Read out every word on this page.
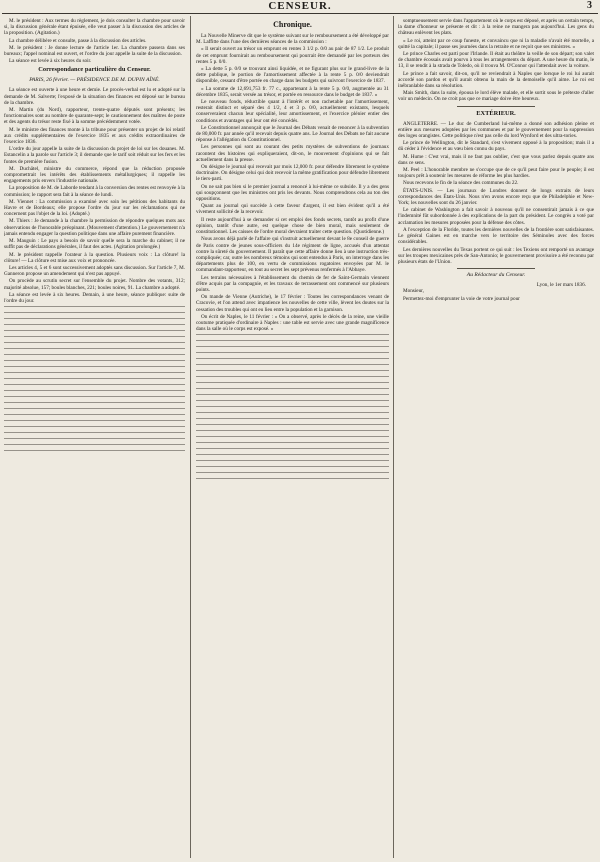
CENSEUR.	3

M. le président : Aux termes du règlement, je dois consulter la chambre pour savoir si, la discussion générale étant épuisée, elle veut passer à la discussion des articles de la proposition. (Agitation.)

La chambre délibère et consulte, passe à la discussion des articles.

M. le président : Je donne lecture de l'article 1er. La chambre passera dans ses bureaux; l'appel nominal est ouvert, et l'ordre du jour appelle la suite de la discussion.

La séance est levée à six heures du soir.

Correspondance particulière du Censeur.
PARIS, 26 février. — PRÉSIDENCE DE M. DUPIN AÎNÉ.

La séance est ouverte à une heure et demie. Le procès-verbal est lu et adopté sur la demande de M. Salverte; l'exposé de la situation des finances est déposé sur le bureau de la chambre.

M. Martin (du Nord), rapporteur, trente-quatre députés sont présents; les fonctionnaires sont au nombre de quarante-sept; le cautionnement des maîtres de poste et des agents du trésor reste fixé à la somme précédemment votée.

M. le ministre des finances monte à la tribune pour présenter un projet de loi relatif aux crédits supplémentaires de l'exercice 1835 et aux crédits extraordinaires de l'exercice 1836.

L'ordre du jour appelle la suite de la discussion du projet de loi sur les douanes. M. Estancelin a la parole sur l'article 3; il demande que le tarif soit réduit sur les fers et les fontes de première fusion.

M. Duchâtel, ministre du commerce, répond que la réduction proposée compromettrait les intérêts des établissements métallurgiques; il rappelle les engagements pris envers l'industrie nationale.

La proposition de M. de Laborde tendant à la conversion des rentes est renvoyée à la commission; le rapport sera fait à la séance de lundi.

M. Viennet : La commission a examiné avec soin les pétitions des habitants du Havre et de Bordeaux; elle propose l'ordre du jour sur les réclamations qui ne concernent pas l'objet de la loi. (Adopté.)

M. Thiers : Je demande à la chambre la permission de répondre quelques mots aux observations de l'honorable préopinant. (Mouvement d'attention.) Le gouvernement n'a jamais entendu engager la question politique dans une affaire purement financière.

M. Mauguin : Le pays a besoin de savoir quelle sera la marche du cabinet; il ne suffit pas de déclarations générales, il faut des actes. (Agitation prolongée.)

M. le président rappelle l'orateur à la question. Plusieurs voix : La clôture! la clôture! — La clôture est mise aux voix et prononcée.

Les articles 4, 5 et 6 sont successivement adoptés sans discussion. Sur l'article 7, M. Ganneron propose un amendement qui n'est pas appuyé.

On procède au scrutin secret sur l'ensemble du projet. Nombre des votants, 312; majorité absolue, 157; boules blanches, 221; boules noires, 91. La chambre a adopté.

La séance est levée à six heures. Demain, à une heure, séance publique: suite de l'ordre du jour.

Chronique.

La Nouvelle Minerve dit que le système suivant sur le remboursement a été développé par M. Laffitte dans l'une des dernières séances de la commission :

« Il serait ouvert au trésor un emprunt en rentes 3 1/2 p. 0/0 au pair de 87 1/2. Le produit de cet emprunt fournirait au remboursement qui pourrait être demandé par les porteurs des rentes 5 p. 0/0.

« La dette 5 p. 0/0 se trouvant ainsi liquidée, et ne figurant plus sur le grand-livre de la dette publique, le portion de l'amortissement affectée à la rente 5 p. 0/0 deviendrait disponible, cessant d'être portée en charge dans les budgets qui suivront l'exercice de 1837.

« La somme de 12,691,753 fr. 77 c., appartenant à la rente 5 p. 0/0, augmentée au 31 décembre 1835, serait versée au trésor, et portée en ressource dans le budget de 1837. »

Le nouveau fonds, réductible quant à l'intérêt et non rachetable par l'amortissement, resterait distinct et séparé des 4 1/2, 4 et 3 p. 0/0, actuellement existants, lesquels conserveraient chacun leur spécialité, leur amortissement, et l'exercice plénier entier des conditions et avantages qui leur ont été concédés.

Le Constitutionnel annonçait que le Journal des Débats venait de renoncer à la subvention de 80,000 fr. par année qu'il recevait depuis quatre ans. Le Journal des Débats ne fait aucune réponse à l'allégation du Constitutionnel.

Les personnes qui sont au courant des petits mystères de subventions de journaux racontent des histoires qui expliqueraient, dit-on, le mouvement d'opinions qui se fait actuellement dans la presse.

On désigne le journal qui recevait par mois 12,000 fr. pour défendre librement le système doctrinaire. On désigne celui qui doit recevoir la même gratification pour défendre librement le tiers-parti.

On ne sait pas bien si le premier journal a renoncé à lui-même ce subside. Il y a des gens qui soupçonnent que les ministres ont pris les devants. Nous comprendrons cela au ton des oppositions.

Quant au journal qui succède à cette faveur d'argent, il est bien évident qu'il a été vivement sollicité de la recevoir.

Il reste aujourd'hui à se demander si cet emploi des fonds secrets, tantôt au profit d'une opinion, tantôt d'une autre, est quelque chose de bien moral, mais seulement de constitutionnel. Les caisses de l'ordre moral devraient traiter cette question. (Quotidienne.)

Nous avons déjà parlé de l'affaire qui s'instruit actuellement devant le 8e conseil de guerre de Paris contre de jeunes sous-officiers du 14e régiment de ligne, accusés d'un attentat contre la sûreté du gouvernement. Il paraît que cette affaire donne lieu à une instruction très-compliquée; car, outre les nombreux témoins qui sont entendus à Paris, on interroge dans les départements plus de 100, en vertu de commissions rogatoires envoyées par M. le commandant-rapporteur, en tout au secret les sept prévenus renfermés à l'Abbaye.

Les terrains nécessaires à l'établissement du chemin de fer de Saint-Germain viennent d'être acquis par la compagnie, et les travaux de terrassement ont commencé sur plusieurs points.

On mande de Vienne (Autriche), le 17 février : Toutes les correspondances venant de Cracovie, et l'on attend avec impatience les nouvelles de cette ville, lèvent les doutes sur la cessation des troubles qui ont eu lieu entre la population et la garnison.

On écrit de Naples, le 11 février : « On a observé, après le décès de la reine, une vieille coutume pratiquée d'ordinaire à Naples : une table est servie avec une grande magnificence dans la salle où le corps est exposé. »

somptueusement servie dans l'appartement où le corps est déposé, et après un certain temps, la dame d'honneur se présente et dit : à la reine ne mangera pas aujourd'hui. Les gens du château enlèvent les plats.

« Le roi, atteint par ce coup funeste, et convaincu que ni la maladie n'avait été mortelle, a quitté la capitale; il passe ses journées dans la retraite et ne reçoit que ses ministres. »

Le prince Charles est parti pour l'Irlande. Il était au théâtre la veille de son départ; son valet de chambre écossais avait pourvu à tous les arrangements du départ. A une heure du matin, le 13, il se rendit à la strada de Toledo, où il trouva M. O'Connor qui l'attendait avec la voiture.

Le prince a fait savoir, dit-on, qu'il ne reviendrait à Naples que lorsque le roi lui aurait accordé son pardon et qu'il aurait obtenu la main de la demoiselle qu'il aime. Le roi est inébranlable dans sa résolution.

Mais Smith, dans la suite, épousa le lord élève malade, et elle sortit sous le prétexte d'aller voir un médecin. On ne croit pas que ce mariage doive être heureux.

EXTÉRIEUR.

ANGLETERRE. — Le duc de Cumberland lui-même a donné son adhésion pleine et entière aux mesures adoptées par les communes et par le gouvernement pour la suppression des loges orangistes. Cette politique n'est pas celle du lord Wynford et des ultra-tories.

Le prince de Wellington, dit le Standard, s'est vivement opposé à la proposition; mais il a dû céder à l'évidence et au vœu bien connu du pays.

M. Hume : C'est vrai, mais il ne faut pas oublier, c'est que vous parlez depuis quatre ans dans ce sens.

M. Peel : L'honorable membre ne s'occupe que de ce qu'il peut faire pour le peuple; il est toujours prêt à soutenir les mesures de réforme les plus hardies.

Nous recevons le fin de la séance des communes du 22.

ÉTATS-UNIS. — Les journaux de Londres donnent de longs extraits de leurs correspondances des États-Unis. Nous n'en avons encore reçu que de Philadelphie et New-York; les nouvelles sont du 26 janvier.

Le cabinet de Washington a fait savoir à nouveau qu'il ne consentirait jamais à ce que l'indemnité fût subordonnée à des explications de la part du président. Le congrès a voté par acclamation les mesures proposées pour la défense des côtes.

A l'exception de la Floride, toutes les dernières nouvelles de la frontière sont satisfaisantes. Le général Gaines est en marche vers le territoire des Séminoles avec des forces considérables.

Les dernières nouvelles du Texas portent ce qui suit : les Texiens ont remporté un avantage sur les troupes mexicaines près de San-Antonio; le gouvernement provisoire a été reconnu par plusieurs états de l'Union.

Au Rédacteur du Censeur.
Lyon, le 1er mars 1836.

Monsieur,

Permettez-moi d'emprunter la voie de votre journal pour
